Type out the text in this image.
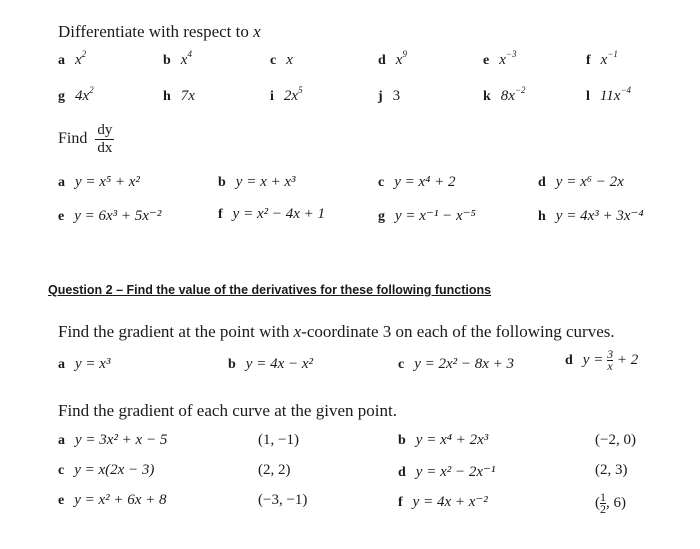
Differentiate with respect to x
a $x^2$	b $x^4$	c x	d $x^9$	e $x^{-3}$	f $x^{-1}$
g $4x^2$	h 7x	i $2x^5$	j 3	k $8x^{-2}$	l $11x^{-4}$
Find $\frac{dy}{dx}$
a y = x⁵ + x²	b y = x + x³	c y = x⁴ + 2	d y = x⁶ − 2x
e y = 6x³ + 5x⁻²	f y = x² − 4x + 1	g y = x⁻¹ − x⁻⁵	h y = 4x³ + 3x⁻⁴
Question 2 – Find the value of the derivatives for these following functions
Find the gradient at the point with x-coordinate 3 on each of the following curves.
a y = x³	b y = 4x − x²	c y = 2x² − 8x + 3	d $y = \frac{3}{x} + 2$
Find the gradient of each curve at the given point.
a y = 3x² + x − 5	(1, −1)	b y = x⁴ + 2x³	(−2, 0)
c y = x(2x − 3)	(2, 2)	d y = x² − 2x⁻¹	(2, 3)
e y = x² + 6x + 8	(−3, −1)	f y = 4x + x⁻²	( $\frac{1}{2}$ , 6)
